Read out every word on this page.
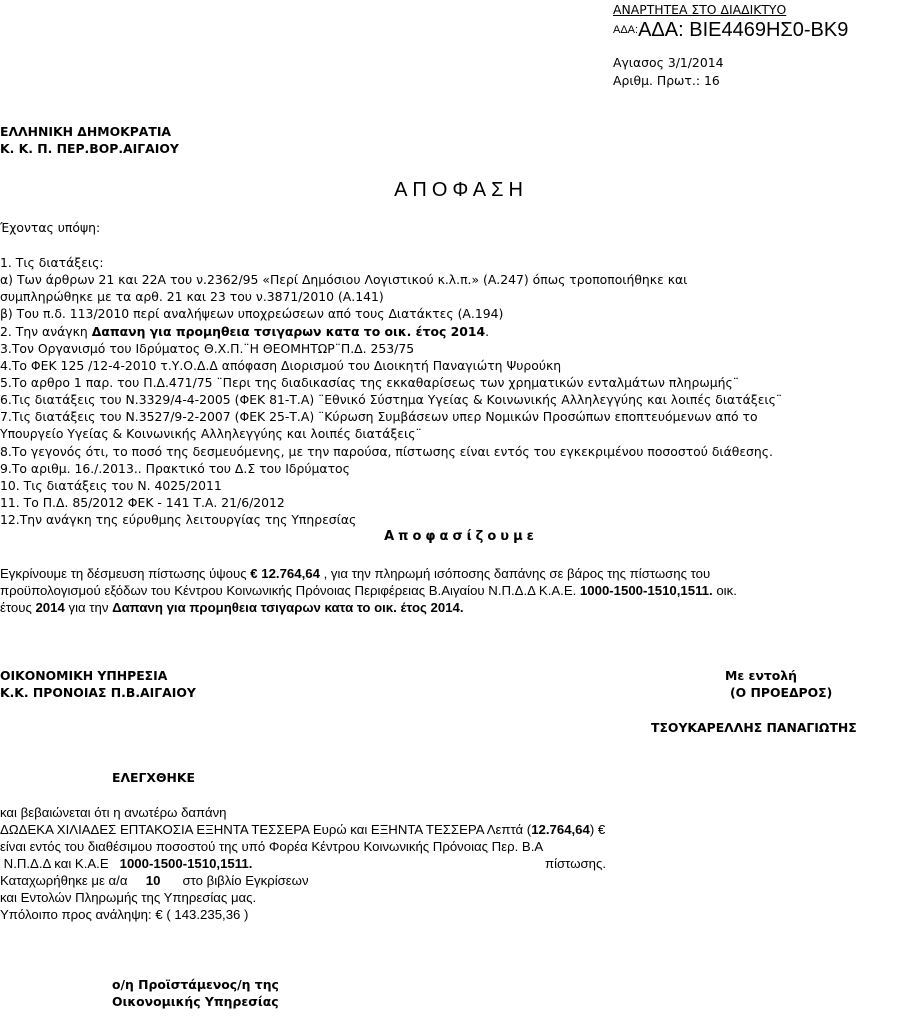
ΑΝΑΡΤΗΤΕΑ ΣΤΟ ΔΙΑΔΙΚΤΥΟ
ΑΔΑ:ΑΔΑ: ΒΙΕ4469ΗΣ0-ΒΚ9
Αγιασος 3/1/2014
Αριθμ. Πρωτ.: 16
ΕΛΛΗΝΙΚΗ ΔΗΜΟΚΡΑΤΙΑ
Κ. Κ. Π. ΠΕΡ.ΒΟΡ.ΑΙΓΑΙΟΥ
ΑΠΟΦΑΣΗ
Έχοντας υπόψη:
1. Τις διατάξεις:
α) Των άρθρων 21 και 22Α του ν.2362/95 «Περί Δημόσιου Λογιστικού κ.λ.π.» (Α.247) όπως τροποποιήθηκε και
συμπληρώθηκε με τα αρθ. 21 και 23 του ν.3871/2010 (Α.141)
β) Του π.δ. 113/2010 περί αναλήψεων υποχρεώσεων από τους Διατάκτες (Α.194)
2. Την ανάγκη Δαπανη για προμηθεια τσιγαρων κατα το οικ. έτος 2014.
3.Τον Οργανισμό του Ιδρύματος Θ.Χ.Π.¨Η ΘΕΟΜΗΤΩΡ¨Π.Δ. 253/75
4.Το ΦΕΚ 125 /12-4-2010 τ.Υ.Ο.Δ.Δ απόφαση Διορισμού του Διοικητή Παναγιώτη Ψυρούκη
5.Το αρθρο 1 παρ. του Π.Δ.471/75 ¨Περι της διαδικασίας της εκκαθαρίσεως των χρηματικών ενταλμάτων πληρωμής¨
6.Τις διατάξεις του Ν.3329/4-4-2005 (ΦΕΚ 81-Τ.Α) ¨Εθνικό Σύστημα Υγείας & Κοινωνικής Αλληλεγγύης και λοιπές διατάξεις¨
7.Τις διατάξεις του Ν.3527/9-2-2007 (ΦΕΚ 25-Τ.Α) ¨Κύρωση Συμβάσεων υπερ Νομικών Προσώπων εποπτευόμενων από το
Υπουργείο Υγείας & Κοινωνικής Αλληλεγγύης και λοιπές διατάξεις¨
8.Το γεγονός ότι, το ποσό της δεσμευόμενης, με την παρούσα, πίστωσης είναι εντός του εγκεκριμένου ποσοστού διάθεσης.
9.Το αριθμ. 16./.2013.. Πρακτικό του Δ.Σ του Ιδρύματος
10. Τις διατάξεις του Ν. 4025/2011
11. Το Π.Δ. 85/2012 ΦΕΚ - 141 Τ.Α. 21/6/2012
12.Την ανάγκη της εύρυθμης λειτουργίας της Υπηρεσίας
Αποφασίζουμε
Εγκρίνουμε τη δέσμευση πίστωσης ύψους € 12.764,64 , για την πληρωμή ισόποσης δαπάνης σε βάρος της πίστωσης του
προϋπολογισμού εξόδων του Κέντρου Κοινωνικής Πρόνοιας Περιφέρειας Β.Αιγαίου Ν.Π.Δ.Δ Κ.Α.Ε. 1000-1500-1510,1511. οικ.
έτους 2014 για την Δαπανη για προμηθεια τσιγαρων κατα το οικ. έτος 2014.
ΟΙΚΟΝΟΜΙΚΗ ΥΠΗΡΕΣΙΑ
Κ.Κ. ΠΡΟΝΟΙΑΣ Π.Β.ΑΙΓΑΙΟΥ
Με εντολή
(Ο ΠΡΟΕΔΡΟΣ)
ΤΣΟΥΚΑΡΕΛΛΗΣ ΠΑΝΑΓΙΩΤΗΣ
ΕΛΕΓΧΘΗΚΕ
και βεβαιώνεται ότι η ανωτέρω δαπάνη
ΔΩΔΕΚΑ ΧΙΛΙΑΔΕΣ ΕΠΤΑΚΟΣΙΑ ΕΞΗΝΤΑ ΤΕΣΣΕΡΑ Ευρώ και ΕΞΗΝΤΑ ΤΕΣΣΕΡΑ Λεπτά (12.764,64) €
είναι εντός του διαθέσιμου ποσοστού της υπό Φορέα Κέντρου Κοινωνικής Πρόνοιας Περ. Β.Α
Ν.Π.Δ.Δ και Κ.Α.Ε   1000-1500-1510,1511.	πίστωσης.
Καταχωρήθηκε με α/α     10      στο βιβλίο Εγκρίσεων
και Εντολών Πληρωμής της Υπηρεσίας μας.
Υπόλοιπο προς ανάληψη: € ( 143.235,36 )
ο/η Προϊστάμενος/η της
Οικονομικής Υπηρεσίας
